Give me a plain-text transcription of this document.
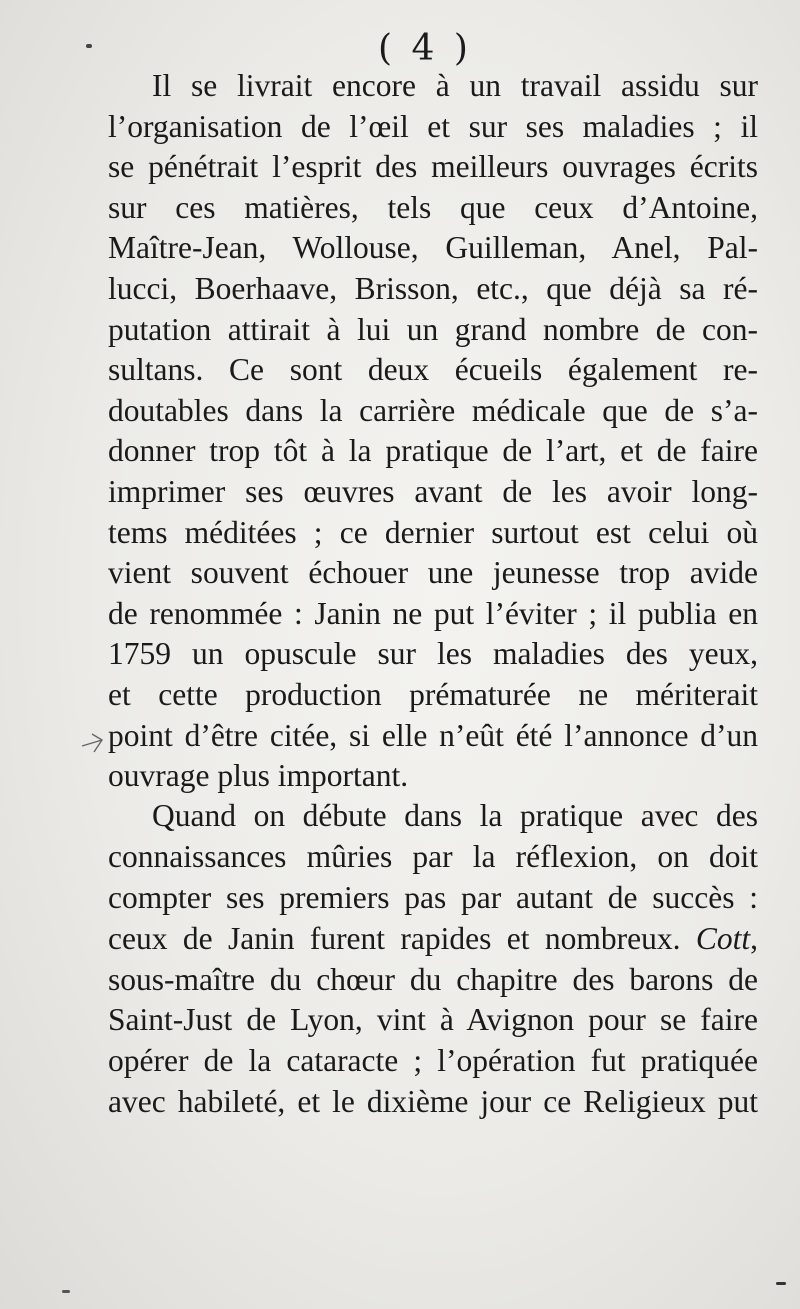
( 4 )
Il se livrait encore à un travail assidu sur
l’organisation de l’œil et sur ses maladies ; il
se pénétrait l’esprit des meilleurs ouvrages écrits
sur ces matières, tels que ceux d’Antoine,
Maître-Jean, Wollouse, Guilleman, Anel, Pal-
lucci, Boerhaave, Brisson, etc., que déjà sa ré-
putation attirait à lui un grand nombre de con-
sultans. Ce sont deux écueils également re-
doutables dans la carrière médicale que de s’a-
donner trop tôt à la pratique de l’art, et de faire
imprimer ses œuvres avant de les avoir long-
tems méditées ; ce dernier surtout est celui où
vient souvent échouer une jeunesse trop avide
de renommée : Janin ne put l’éviter ; il publia en
1759 un opuscule sur les maladies des yeux,
et cette production prématurée ne mériterait
point d’être citée, si elle n’eût été l’annonce d’un
ouvrage plus important.
Quand on débute dans la pratique avec des
connaissances mûries par la réflexion, on doit
compter ses premiers pas par autant de succès :
ceux de Janin furent rapides et nombreux. Cott,
sous-maître du chœur du chapitre des barons de
Saint-Just de Lyon, vint à Avignon pour se faire
opérer de la cataracte ; l’opération fut pratiquée
avec habileté, et le dixième jour ce Religieux put
